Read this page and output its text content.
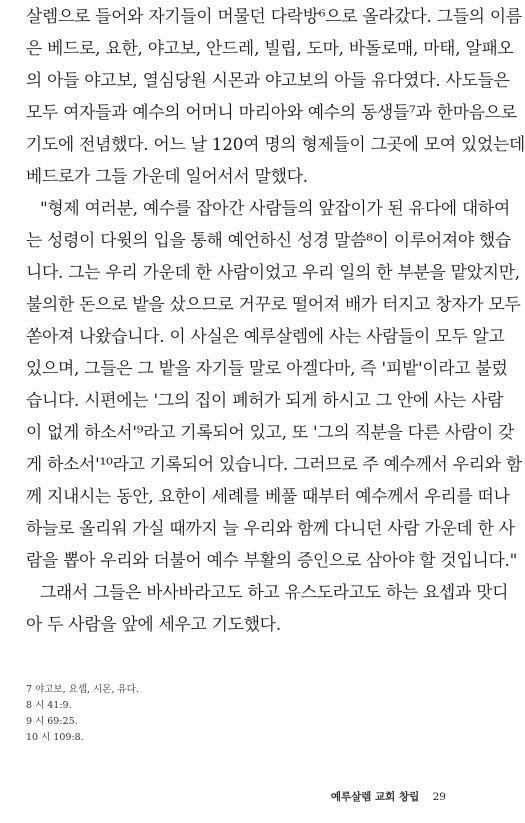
살렘으로 들어와 자기들이 머물던 다락방⁶으로 올라갔다. 그들의 이름
은 베드로, 요한, 야고보, 안드레, 빌립, 도마, 바돌로매, 마태, 알패오
의 아들 야고보, 열심당원 시몬과 야고보의 아들 유다였다. 사도들은
모두 여자들과 예수의 어머니 마리아와 예수의 동생들⁷과 한마음으로
기도에 전념했다. 어느 날 120여 명의 형제들이 그곳에 모여 있었는데
베드로가 그들 가운데 일어서서 말했다.
"형제 여러분, 예수를 잡아간 사람들의 앞잡이가 된 유다에 대하여
는 성령이 다윗의 입을 통해 예언하신 성경 말씀⁸이 이루어져야 했습
니다. 그는 우리 가운데 한 사람이었고 우리 일의 한 부분을 맡았지만,
불의한 돈으로 밭을 샀으므로 거꾸로 떨어져 배가 터지고 창자가 모두
쏟아져 나왔습니다. 이 사실은 예루살렘에 사는 사람들이 모두 알고
있으며, 그들은 그 밭을 자기들 말로 아겔다마, 즉 '피밭'이라고 불렀
습니다. 시편에는 '그의 집이 폐허가 되게 하시고 그 안에 사는 사람
이 없게 하소서'⁹라고 기록되어 있고, 또 '그의 직분을 다른 사람이 갖
게 하소서'¹⁰라고 기록되어 있습니다. 그러므로 주 예수께서 우리와 함
께 지내시는 동안, 요한이 세례를 베풀 때부터 예수께서 우리를 떠나
하늘로 올리워 가실 때까지 늘 우리와 함께 다니던 사람 가운데 한 사
람을 뽑아 우리와 더불어 예수 부활의 증인으로 삼아야 할 것입니다."
그래서 그들은 바사바라고도 하고 유스도라고도 하는 요셉과 맛디
아 두 사람을 앞에 세우고 기도했다.
7 야고보, 요셉, 시몬, 유다.
8 시 41:9.
9 시 69:25.
10 시 109:8.
예루살렘 교회 창립 29
